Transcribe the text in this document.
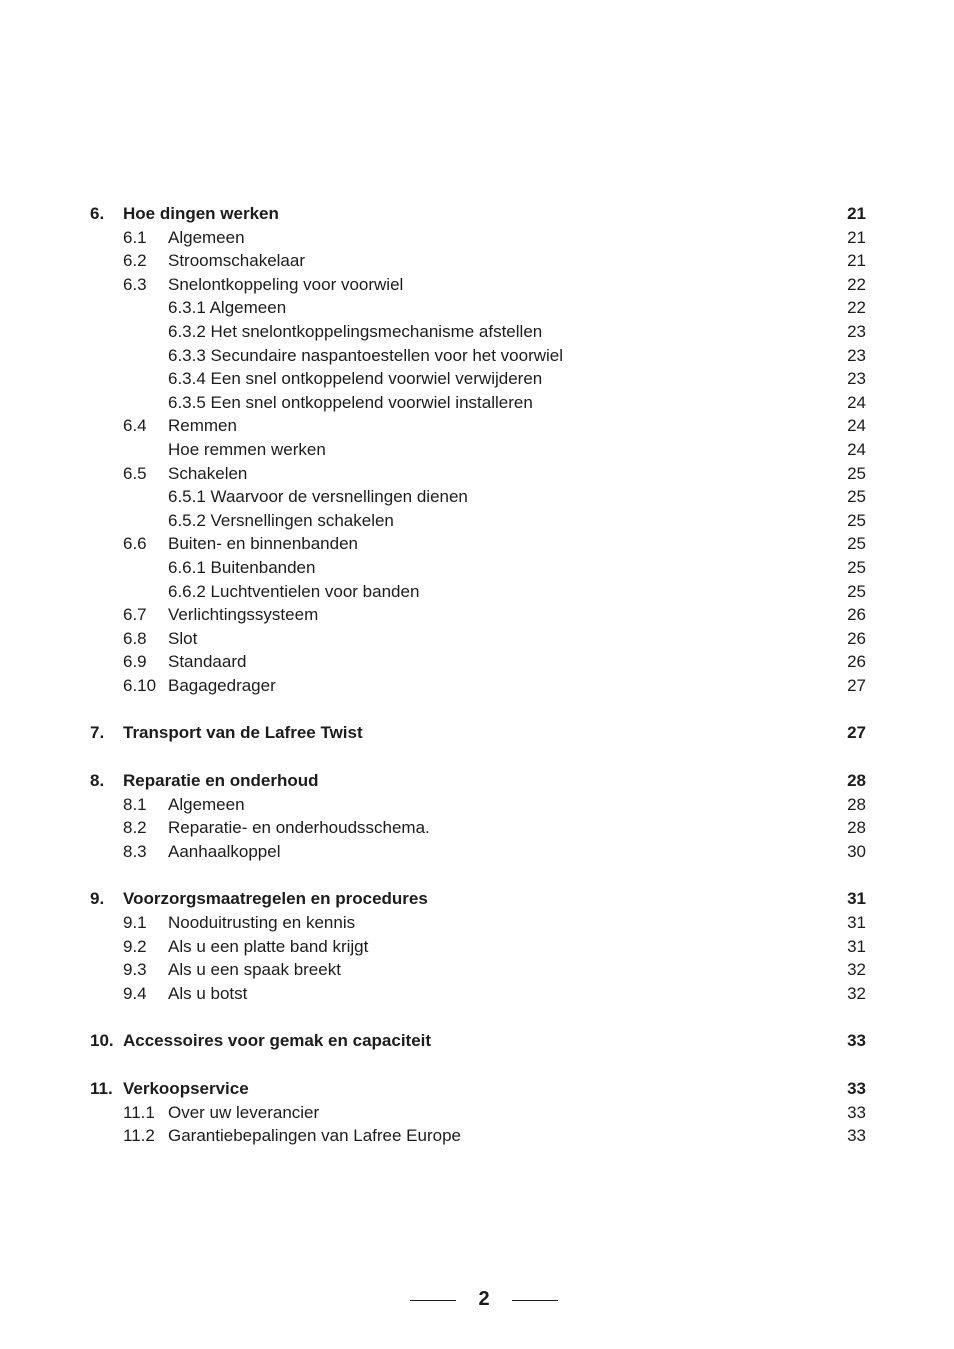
6. Hoe dingen werken	21
6.1 Algemeen	21
6.2 Stroomschakelaar	21
6.3 Snelontkoppeling voor voorwiel	22
6.3.1 Algemeen	22
6.3.2 Het snelontkoppelingsmechanisme afstellen	23
6.3.3 Secundaire naspantoestellen voor het voorwiel	23
6.3.4 Een snel ontkoppelend voorwiel verwijderen	23
6.3.5 Een snel ontkoppelend voorwiel installeren	24
6.4 Remmen	24
Hoe remmen werken	24
6.5 Schakelen	25
6.5.1 Waarvoor de versnellingen dienen	25
6.5.2 Versnellingen schakelen	25
6.6 Buiten- en binnenbanden	25
6.6.1 Buitenbanden	25
6.6.2 Luchtventielen voor banden	25
6.7 Verlichtingssysteem	26
6.8 Slot	26
6.9 Standaard	26
6.10 Bagagedrager	27
7. Transport van de Lafree Twist	27
8. Reparatie en onderhoud	28
8.1 Algemeen	28
8.2 Reparatie- en onderhoudsschema.	28
8.3 Aanhaalkoppel	30
9. Voorzorgsmaatregelen en procedures	31
9.1 Nooduitrusting en kennis	31
9.2 Als u een platte band krijgt	31
9.3 Als u een spaak breekt	32
9.4 Als u botst	32
10. Accessoires voor gemak en capaciteit	33
11. Verkoopservice	33
11.1 Over uw leverancier	33
11.2 Garantiebepalingen van Lafree Europe	33
2
